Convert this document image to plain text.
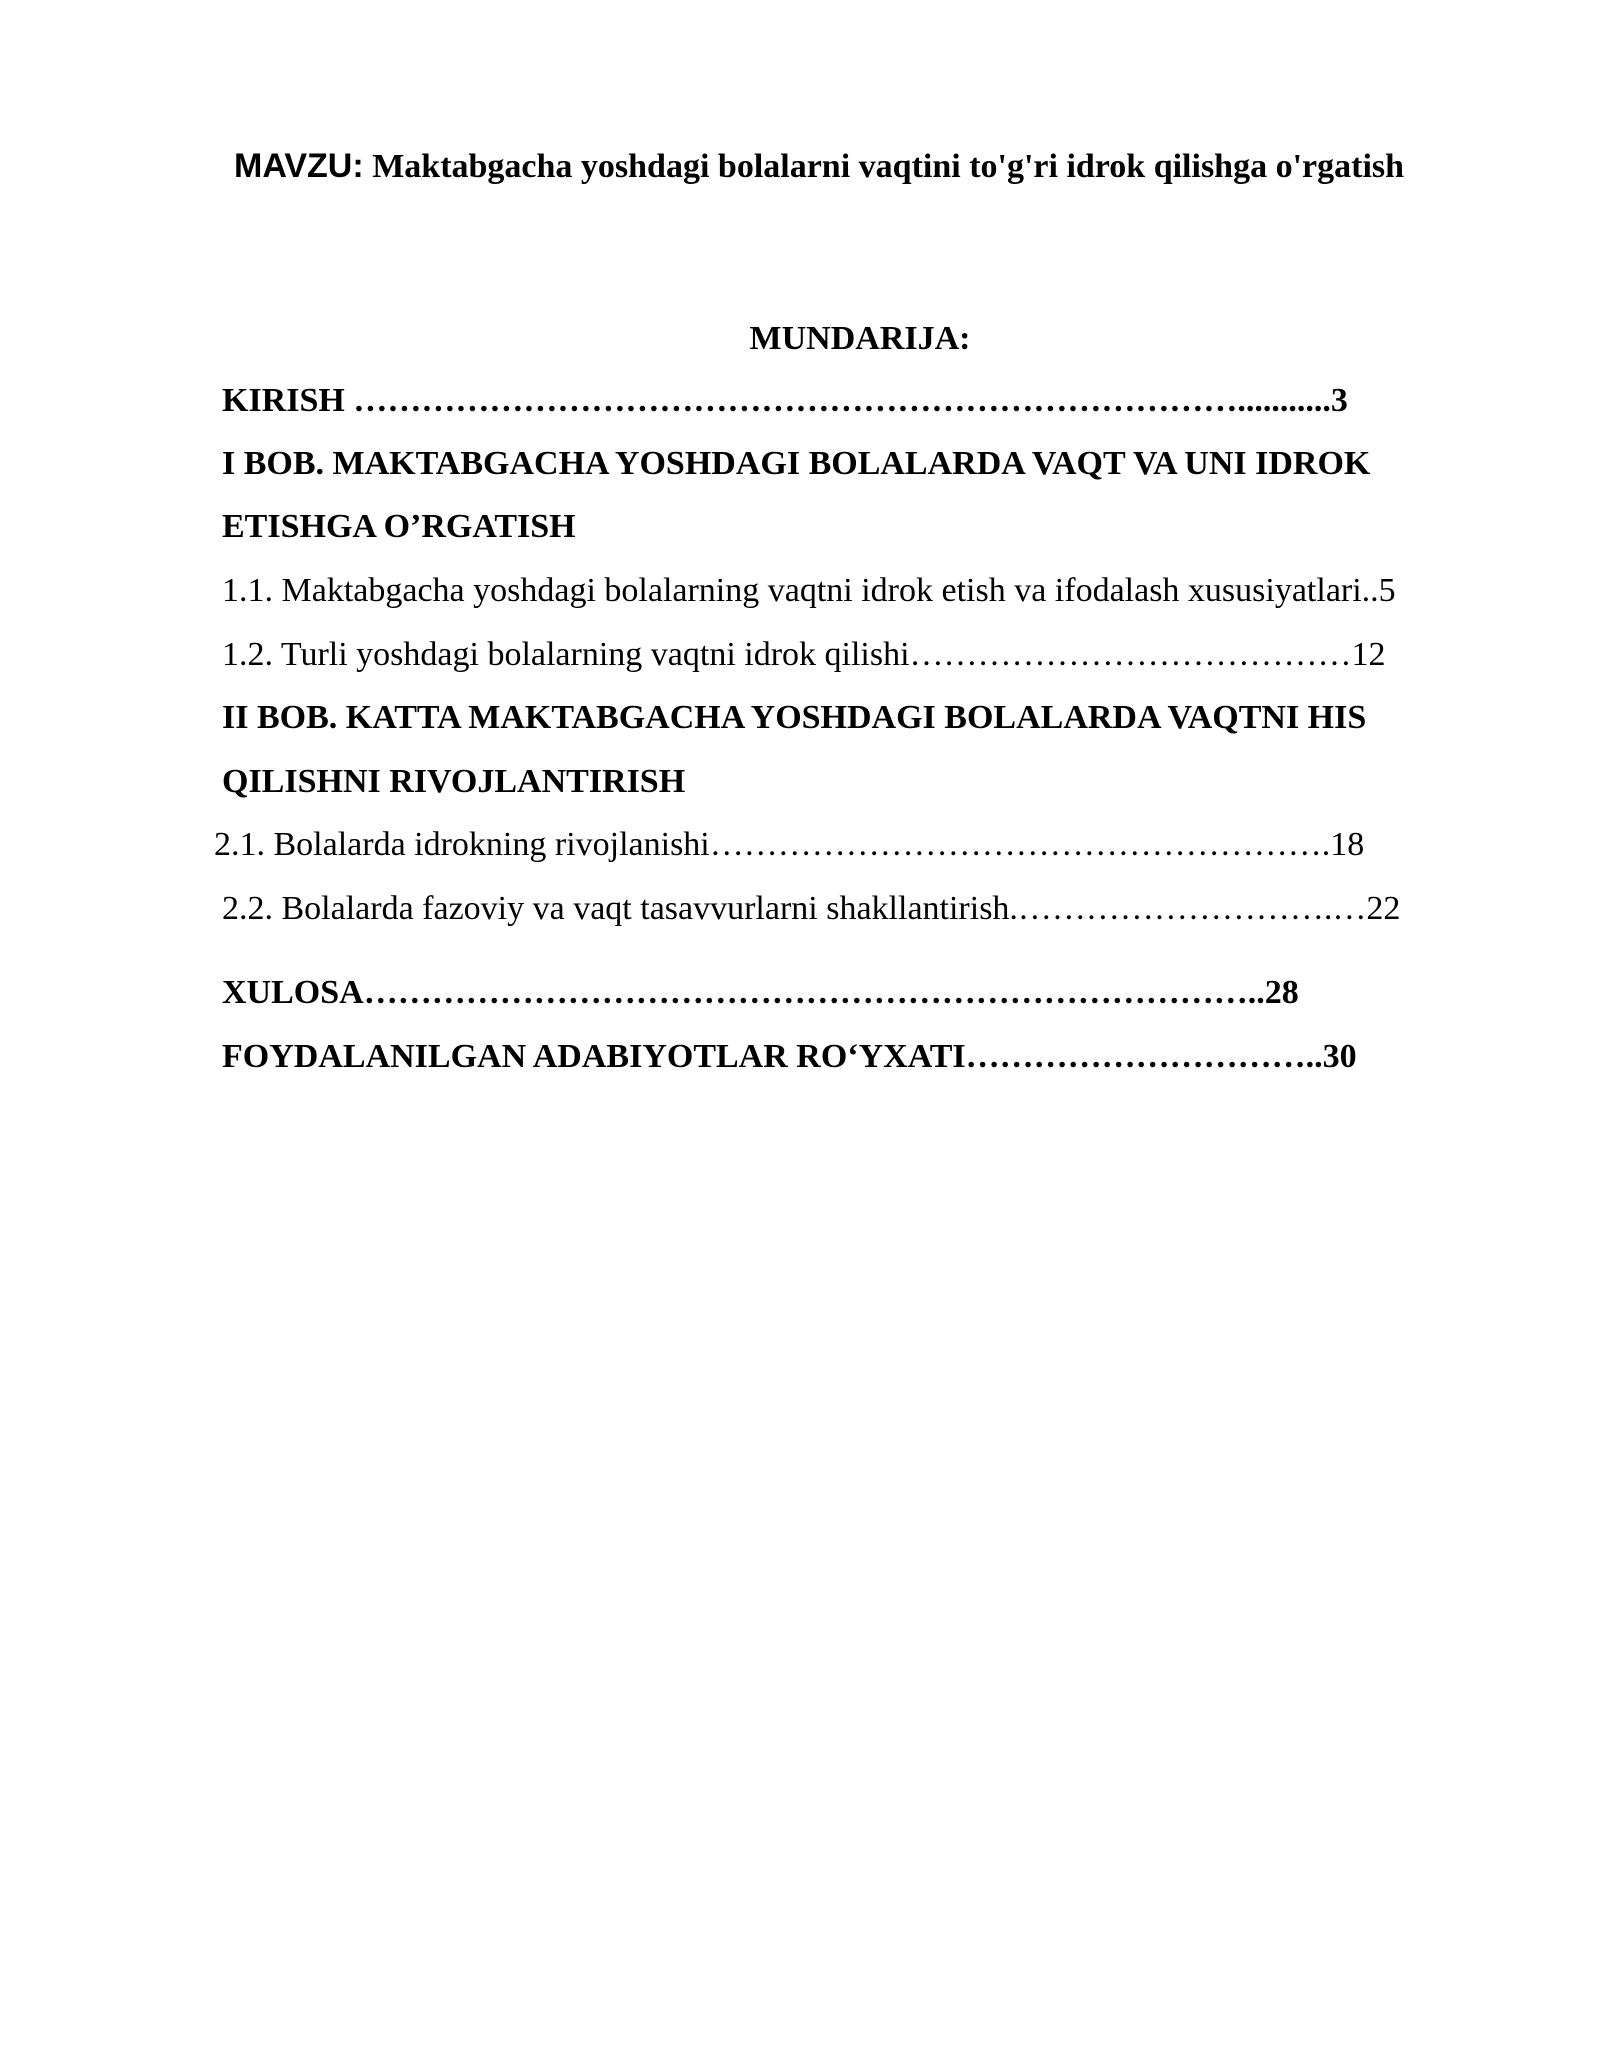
MAVZU: Maktabgacha yoshdagi bolalarni vaqtini to'g'ri idrok qilishga o'rgatish
MUNDARIJA:
KIRISH ……………………………………………………………………...........3
I BOB. MAKTABGACHA YOSHDAGI BOLALARDA VAQT VA UNI IDROK
ETISHGA O’RGATISH
1.1. Maktabgacha yoshdagi bolalarning vaqtni idrok etish va ifodalash xususiyatlari..5
1.2. Turli yoshdagi bolalarning vaqtni idrok qilishi…………………………………12
II BOB. KATTA MAKTABGACHA YOSHDAGI BOLALARDA VAQTNI HIS
QILISHNI RIVOJLANTIRISH
2.1. Bolalarda idrokning rivojlanishi……………………………………………….18
2.2. Bolalarda fazoviy va vaqt tasavvurlarni shakllantirish.……………………….…22
XULOSA……………………………………………………………………..28
FOYDALANILGAN ADABIYOTLAR RO‘YXATI…………………………..30
